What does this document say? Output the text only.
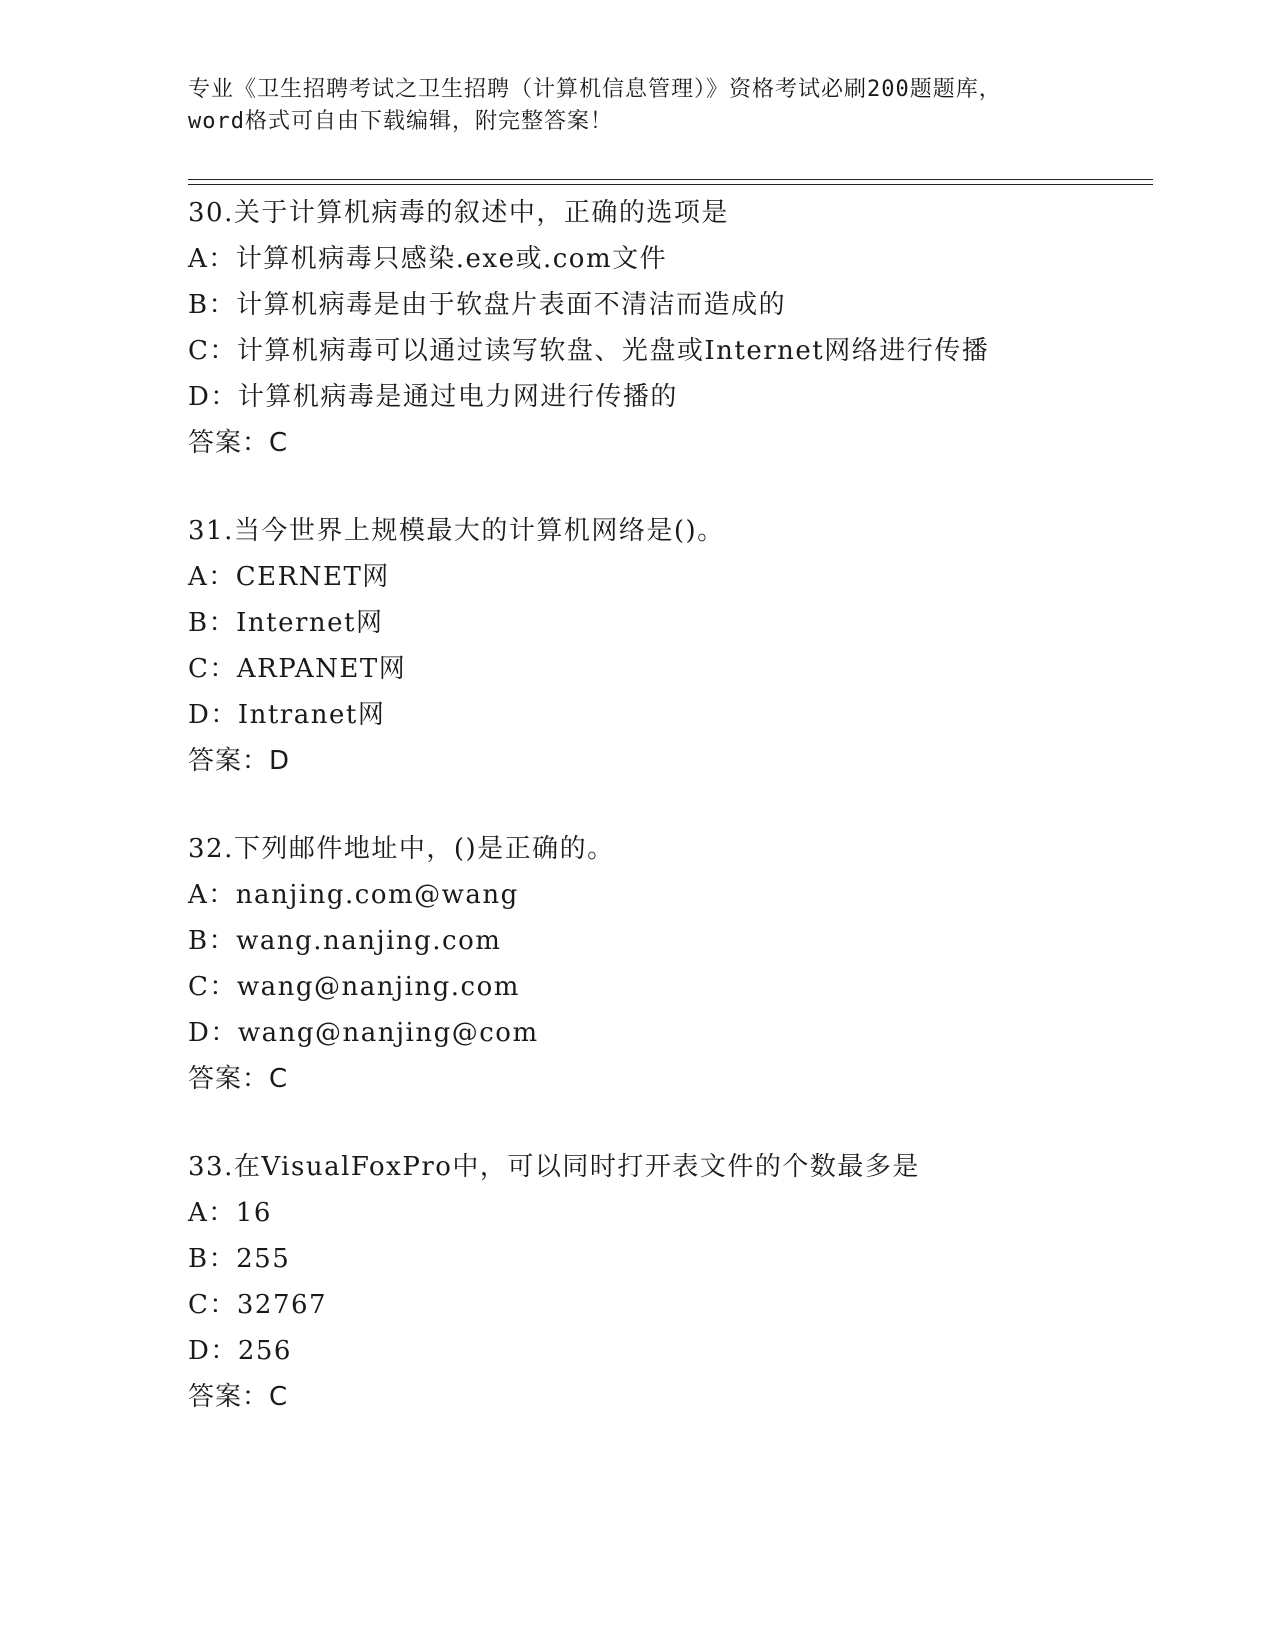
专业《卫生招聘考试之卫生招聘（计算机信息管理）》资格考试必刷200题题库，
word格式可自由下载编辑，附完整答案！
30.关于计算机病毒的叙述中，正确的选项是
A：计算机病毒只感染.exe或.com文件
B：计算机病毒是由于软盘片表面不清洁而造成的
C：计算机病毒可以通过读写软盘、光盘或Internet网络进行传播
D：计算机病毒是通过电力网进行传播的
答案：C
31.当今世界上规模最大的计算机网络是()。
A：CERNET网
B：Internet网
C：ARPANET网
D：Intranet网
答案：D
32.下列邮件地址中，()是正确的。
A：nanjing.com@wang
B：wang.nanjing.com
C：wang@nanjing.com
D：wang@nanjing@com
答案：C
33.在VisualFoxPro中，可以同时打开表文件的个数最多是
A：16
B：255
C：32767
D：256
答案：C
